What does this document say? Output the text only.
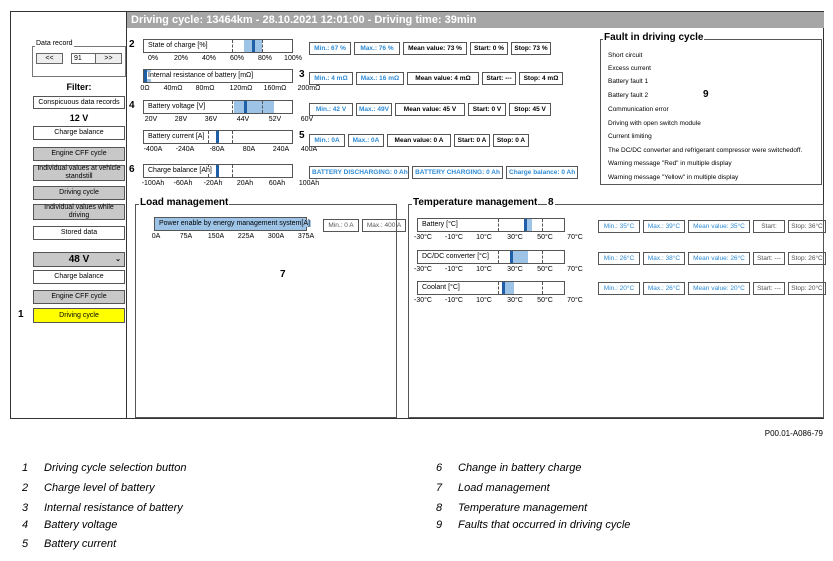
Data record
<<	91	>>
Filter:
Conspicuous data records
12 V
Charge balance
Engine CFF cycle
Individual values at vehicle standstill
Driving cycle
Individual values while driving
Stored data
48 V	⌄
Charge balance
Engine CFF cycle
Driving cycle
1
Driving cycle: 13464km - 28.10.2021 12:01:00 - Driving time: 39min
2 State of charge [%]
0% 20% 40% 60% 80% 100%
3
Internal resistance of battery [mΩ]
0Ω 40mΩ 80mΩ 120mΩ 160mΩ 200mΩ
4 Battery voltage [V]
20V	28V	36V	44V	52V	60V
5
Battery current [A]
-400A -240A -80A	80A	240A 400A
6 Charge balance [Ah]
-100Ah -60Ah -20Ah 20Ah 60Ah 100Ah
Min.: 67 %	Max.: 76 %	Mean value: 73 %	Start: 0 %	Stop: 73 %
Min.: 4 mΩ	Max.: 16 mΩ	Mean value: 4 mΩ	Start: ---	Stop: 4 mΩ
Min.: 42 V	Max.: 49V	Mean value: 45 V	Start: 0 V	Stop: 45 V
Min.: 0A	Max.: 0A	Mean value: 0 A	Start: 0 A	Stop: 0 A
BATTERY DISCHARGING: 0 Ah	BATTERY CHARGING: 0 Ah	Charge balance: 0 Ah
Fault in driving cycle
9
Short circuit
Excess current
Battery fault 1
Battery fault 2
Communication error
Driving with open switch module
Current limiting
The DC/DC converter and refrigerant compressor were switchedoff.
Warning message "Red" in multiple display
Warning message "Yellow" in multiple display
Load management
Power enable by energy management system[A]
0A	75A 150A 225A 300A 375A
Min.: 0 A	Max.: 400 A
7
Temperature management 8
Battery [°C]
-30°C -10°C 10°C 30°C 50°C 70°C
DC/DC converter [°C]
-30°C -10°C 10°C 30°C 50°C 70°C
Coolant [°C]
-30°C -10°C 10°C 30°C 50°C 70°C
Min.: 35°C	Max.: 39°C	Mean value: 35°C	Start:	Stop: 36°C
Min.: 26°C	Max.: 38°C	Mean value: 26°C	Start: ---	Stop: 26°C
Min.: 20°C	Max.: 26°C	Mean value: 20°C	Start: ---	Stop: 20°C
P00.01-A086-79
1 Driving cycle selection button
2 Charge level of battery
3 Internal resistance of battery
4 Battery voltage
5 Battery current
6 Change in battery charge
7 Load management
8 Temperature management
9 Faults that occurred in driving cycle
